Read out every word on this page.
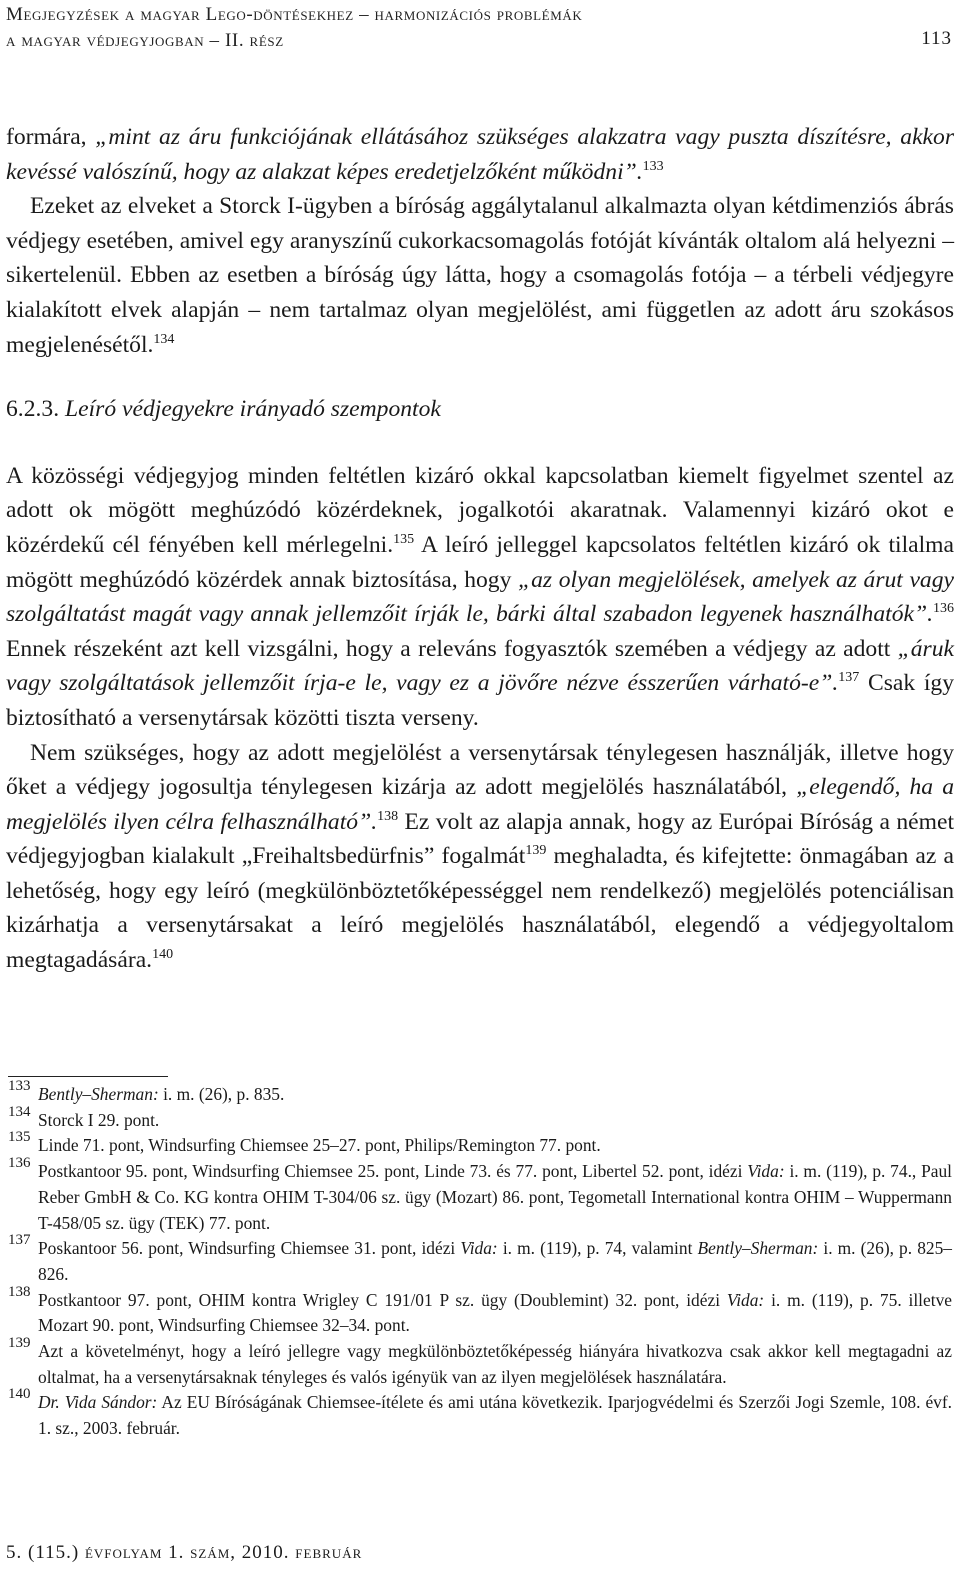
Megjegyzések a magyar Lego-döntésekhez – harmonizációs problémák
a magyar védjegyjogban – II. rész	113

formára, „mint az áru funkciójának ellátásához szükséges alakzatra vagy puszta díszítésre, akkor kevéssé valószínű, hogy az alakzat képes eredetjelzőként működni”.$^{133}$

Ezeket az elveket a Storck I-ügyben a bíróság aggálytalanul alkalmazta olyan kétdimenziós ábrás védjegy esetében, amivel egy aranyszínű cukorkacsomagolás fotóját kívánták oltalom alá helyezni – sikertelenül. Ebben az esetben a bíróság úgy látta, hogy a csomagolás fotója – a térbeli védjegyre kialakított elvek alapján – nem tartalmaz olyan megjelölést, ami független az adott áru szokásos megjelenésétől.$^{134}$

6.2.3. Leíró védjegyekre irányadó szempontok

A közösségi védjegyjog minden feltétlen kizáró okkal kapcsolatban kiemelt figyelmet szentel az adott ok mögött meghúzódó közérdeknek, jogalkotói akaratnak. Valamennyi kizáró okot e közérdekű cél fényében kell mérlegelni.$^{135}$ A leíró jelleggel kapcsolatos feltétlen kizáró ok tilalma mögött meghúzódó közérdek annak biztosítása, hogy „az olyan megjelölések, amelyek az árut vagy szolgáltatást magát vagy annak jellemzőit írják le, bárki által szabadon legyenek használhatók”.$^{136}$ Ennek részeként azt kell vizsgálni, hogy a releváns fogyasztók szemében a védjegy az adott „áruk vagy szolgáltatások jellemzőit írja-e le, vagy ez a jövőre nézve ésszerűen várható-e”.$^{137}$ Csak így biztosítható a versenytársak közötti tiszta verseny.

Nem szükséges, hogy az adott megjelölést a versenytársak ténylegesen használják, illetve hogy őket a védjegy jogosultja ténylegesen kizárja az adott megjelölés használatából, „elegendő, ha a megjelölés ilyen célra felhasználható”.$^{138}$ Ez volt az alapja annak, hogy az Európai Bíróság a német védjegyjogban kialakult „Freihaltsbedürfnis” fogalmát$^{139}$ meghaladta, és kifejtette: önmagában az a lehetőség, hogy egy leíró (megkülönböztetőképességgel nem rendelkező) megjelölés potenciálisan kizárhatja a versenytársakat a leíró megjelölés használatából, elegendő a védjegyoltalom megtagadására.$^{140}$

133 Bently–Sherman: i. m. (26), p. 835.
134 Storck I 29. pont.
135 Linde 71. pont, Windsurfing Chiemsee 25–27. pont, Philips/Remington 77. pont.
136 Postkantoor 95. pont, Windsurfing Chiemsee 25. pont, Linde 73. és 77. pont, Libertel 52. pont, idézi Vida: i. m. (119), p. 74., Paul Reber GmbH & Co. KG kontra OHIM T-304/06 sz. ügy (Mozart) 86. pont, Tegometall International kontra OHIM – Wuppermann T-458/05 sz. ügy (TEK) 77. pont.
137 Poskantoor 56. pont, Windsurfing Chiemsee 31. pont, idézi Vida: i. m. (119), p. 74, valamint Bently–Sherman: i. m. (26), p. 825–826.
138 Postkantoor 97. pont, OHIM kontra Wrigley C 191/01 P sz. ügy (Doublemint) 32. pont, idézi Vida: i. m. (119), p. 75. illetve Mozart 90. pont, Windsurfing Chiemsee 32–34. pont.
139 Azt a követelményt, hogy a leíró jellegre vagy megkülönböztetőképesség hiányára hivatkozva csak akkor kell megtagadni az oltalmat, ha a versenytársaknak tényleges és valós igényük van az ilyen megjelölések használatára.
140 Dr. Vida Sándor: Az EU Bíróságának Chiemsee-ítélete és ami utána következik. Iparjogvédelmi és Szerzői Jogi Szemle, 108. évf. 1. sz., 2003. február.
5. (115.) évfolyam 1. szám, 2010. február
